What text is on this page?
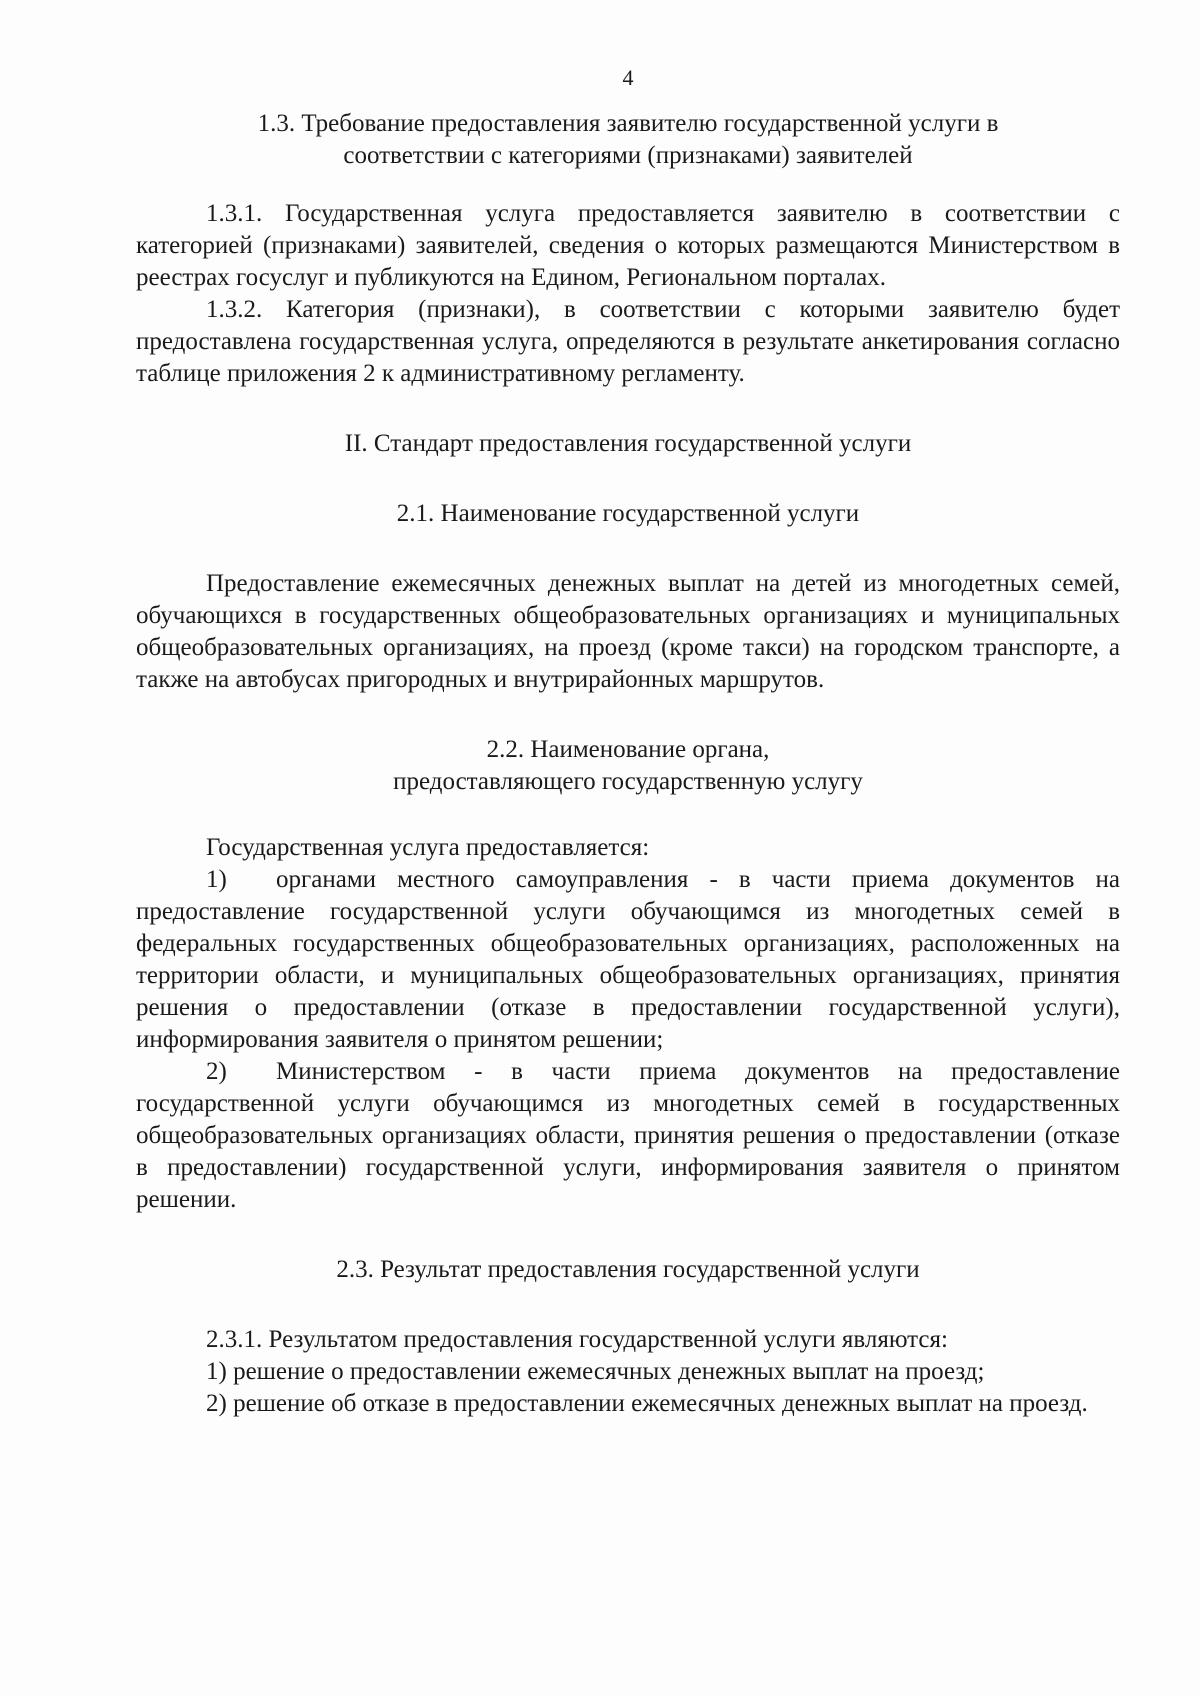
4

1.3. Требование предоставления заявителю государственной услуги в

соответствии с категориями (признаками) заявителей

1.3.1. Государственная услуга предоставляется заявителю в соответствии с категорией (признаками) заявителей, сведения о которых размещаются Министерством в реестрах госуслуг и публикуются на Едином, Региональном порталах.

1.3.2. Категория (признаки), в соответствии с которыми заявителю будет предоставлена государственная услуга, определяются в результате анкетирования согласно таблице приложения 2 к административному регламенту.

II. Стандарт предоставления государственной услуги

2.1. Наименование государственной услуги

Предоставление ежемесячных денежных выплат на детей из многодетных семей, обучающихся в государственных общеобразовательных организациях и муниципальных общеобразовательных организациях, на проезд (кроме такси) на городском транспорте, а также на автобусах пригородных и внутрирайонных маршрутов.

2.2. Наименование органа,

предоставляющего государственную услугу

Государственная услуга предоставляется:

1) органами местного самоуправления - в части приема документов на предоставление государственной услуги обучающимся из многодетных семей в федеральных государственных общеобразовательных организациях, расположенных на территории области, и муниципальных общеобразовательных организациях, принятия решения о предоставлении (отказе в предоставлении государственной услуги), информирования заявителя о принятом решении;

2) Министерством - в части приема документов на предоставление государственной услуги обучающимся из многодетных семей в государственных общеобразовательных организациях области, принятия решения о предоставлении (отказе в предоставлении) государственной услуги, информирования заявителя о принятом решении.

2.3. Результат предоставления государственной услуги

2.3.1. Результатом предоставления государственной услуги являются:

1) решение о предоставлении ежемесячных денежных выплат на проезд;

2) решение об отказе в предоставлении ежемесячных денежных выплат на проезд.
